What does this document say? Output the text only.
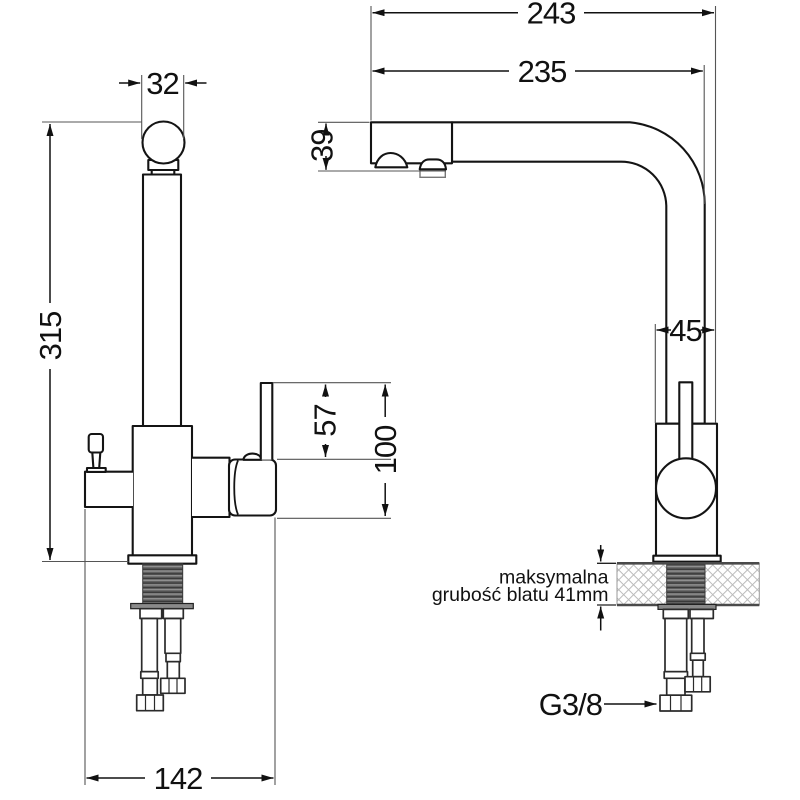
32
315
57
100
142
243
235
39
45
maksymalna
grubość blatu 41mm
G3/8
